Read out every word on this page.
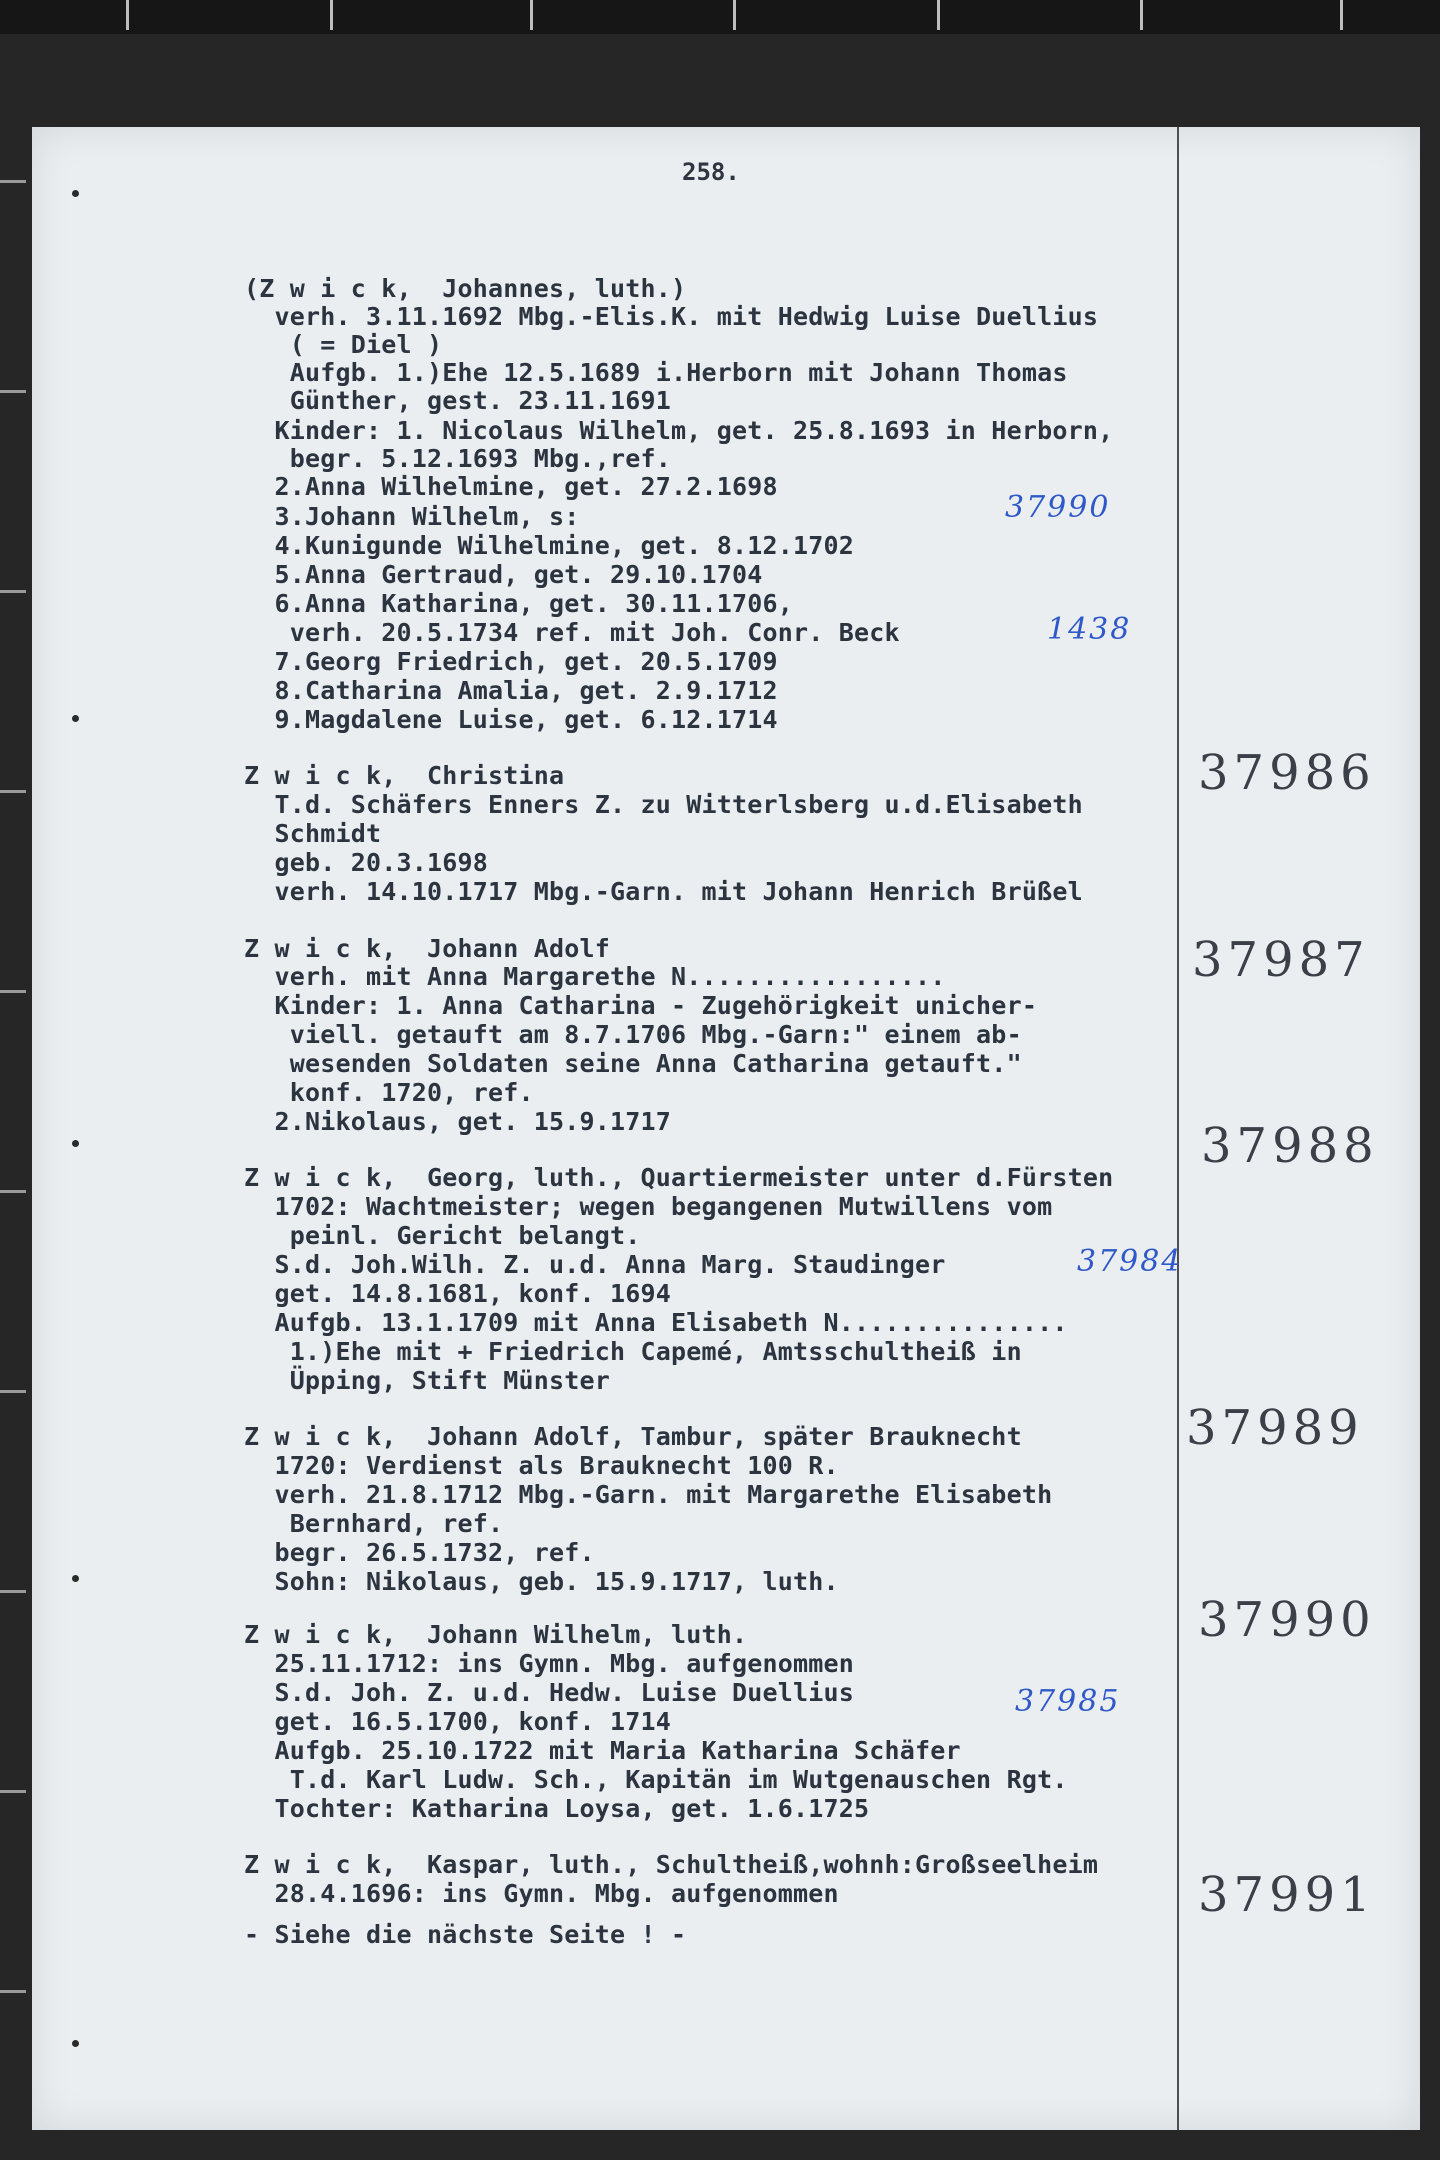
258.
(Z w i c k,  Johannes, luth.)
verh. 3.11.1692 Mbg.-Elis.K. mit Hedwig Luise Duellius
( = Diel )
Aufgb. 1.)Ehe 12.5.1689 i.Herborn mit Johann Thomas
Günther, gest. 23.11.1691
Kinder: 1. Nicolaus Wilhelm, get. 25.8.1693 in Herborn,
begr. 5.12.1693 Mbg.,ref.
2.Anna Wilhelmine, get. 27.2.1698
3.Johann Wilhelm, s:
4.Kunigunde Wilhelmine, get. 8.12.1702
5.Anna Gertraud, get. 29.10.1704
6.Anna Katharina, get. 30.11.1706,
verh. 20.5.1734 ref. mit Joh. Conr. Beck
7.Georg Friedrich, get. 20.5.1709
8.Catharina Amalia, get. 2.9.1712
9.Magdalene Luise, get. 6.12.1714
Z w i c k,  Christina
T.d. Schäfers Enners Z. zu Witterlsberg u.d.Elisabeth
Schmidt
geb. 20.3.1698
verh. 14.10.1717 Mbg.-Garn. mit Johann Henrich Brüßel
Z w i c k,  Johann Adolf
verh. mit Anna Margarethe N.................
Kinder: 1. Anna Catharina - Zugehörigkeit unicher-
viell. getauft am 8.7.1706 Mbg.-Garn:" einem ab-
wesenden Soldaten seine Anna Catharina getauft."
konf. 1720, ref.
2.Nikolaus, get. 15.9.1717
Z w i c k,  Georg, luth., Quartiermeister unter d.Fürsten
1702: Wachtmeister; wegen begangenen Mutwillens vom
peinl. Gericht belangt.
S.d. Joh.Wilh. Z. u.d. Anna Marg. Staudinger
get. 14.8.1681, konf. 1694
Aufgb. 13.1.1709 mit Anna Elisabeth N...............
1.)Ehe mit + Friedrich Capemé, Amtsschultheiß in
Üpping, Stift Münster
Z w i c k,  Johann Adolf, Tambur, später Brauknecht
1720: Verdienst als Brauknecht 100 R.
verh. 21.8.1712 Mbg.-Garn. mit Margarethe Elisabeth
Bernhard, ref.
begr. 26.5.1732, ref.
Sohn: Nikolaus, geb. 15.9.1717, luth.
Z w i c k,  Johann Wilhelm, luth.
25.11.1712: ins Gymn. Mbg. aufgenommen
S.d. Joh. Z. u.d. Hedw. Luise Duellius
get. 16.5.1700, konf. 1714
Aufgb. 25.10.1722 mit Maria Katharina Schäfer
T.d. Karl Ludw. Sch., Kapitän im Wutgenauschen Rgt.
Tochter: Katharina Loysa, get. 1.6.1725
Z w i c k,  Kaspar, luth., Schultheiß,wohnh:Großseelheim
28.4.1696: ins Gymn. Mbg. aufgenommen
- Siehe die nächste Seite ! -
37986
37987
37988
37989
37990
37991
37990
1438
37984
37985
